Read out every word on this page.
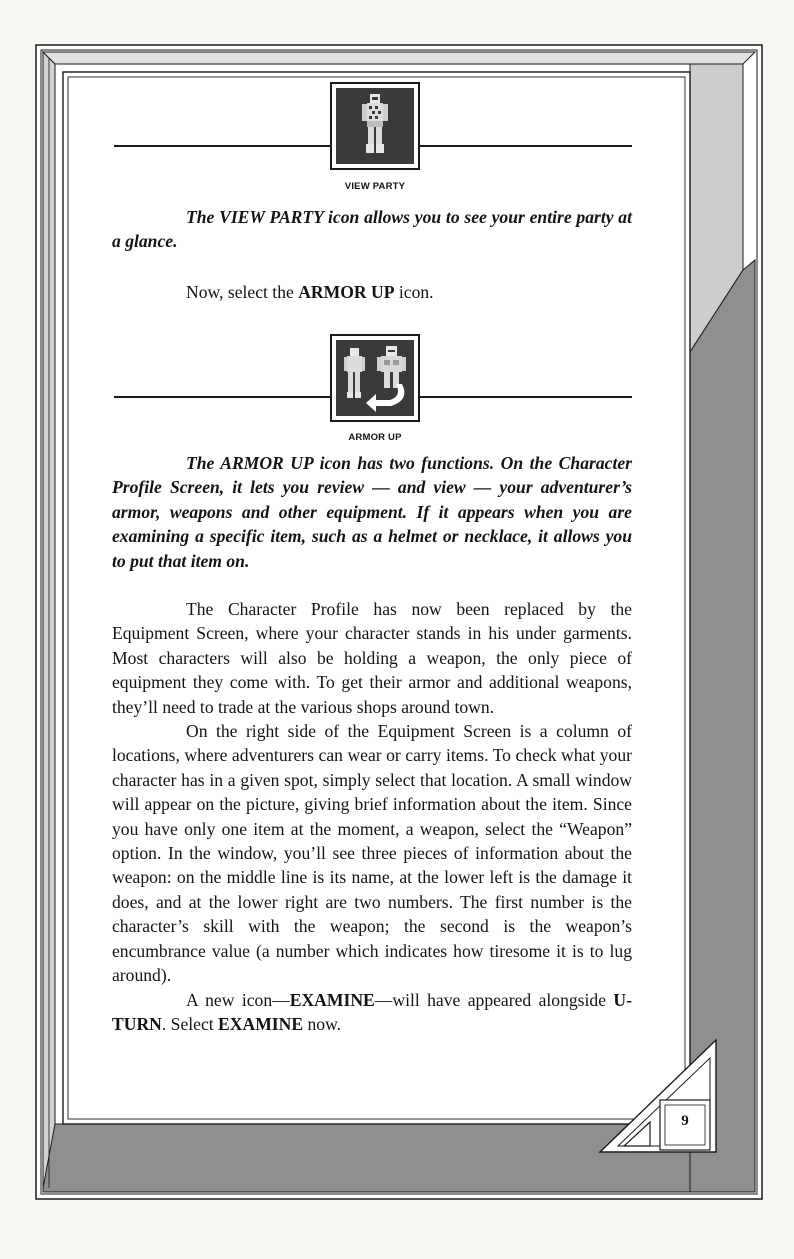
VIEW PARTY

The VIEW PARTY icon allows you to see your entire party at a glance.

Now, select the ARMOR UP icon.

ARMOR UP

The ARMOR UP icon has two functions. On the Character Profile Screen, it lets you review — and view — your adventurer’s armor, weapons and other equipment. If it appears when you are examining a specific item, such as a helmet or necklace, it allows you to put that item on.

The Character Profile has now been replaced by the Equipment Screen, where your character stands in his under garments. Most characters will also be holding a weapon, the only piece of equipment they come with. To get their armor and additional weapons, they’ll need to trade at the various shops around town.

On the right side of the Equipment Screen is a column of locations, where adventurers can wear or carry items. To check what your character has in a given spot, simply select that location. A small window will appear on the picture, giving brief information about the item. Since you have only one item at the moment, a weapon, select the “Weapon” option. In the window, you’ll see three pieces of information about the weapon: on the middle line is its name, at the lower left is the damage it does, and at the lower right are two numbers. The first number is the character’s skill with the weapon; the second is the weapon’s encumbrance value (a number which indicates how tiresome it is to lug around).

A new icon—EXAMINE—will have appeared alongside U-TURN. Select EXAMINE now.

9
